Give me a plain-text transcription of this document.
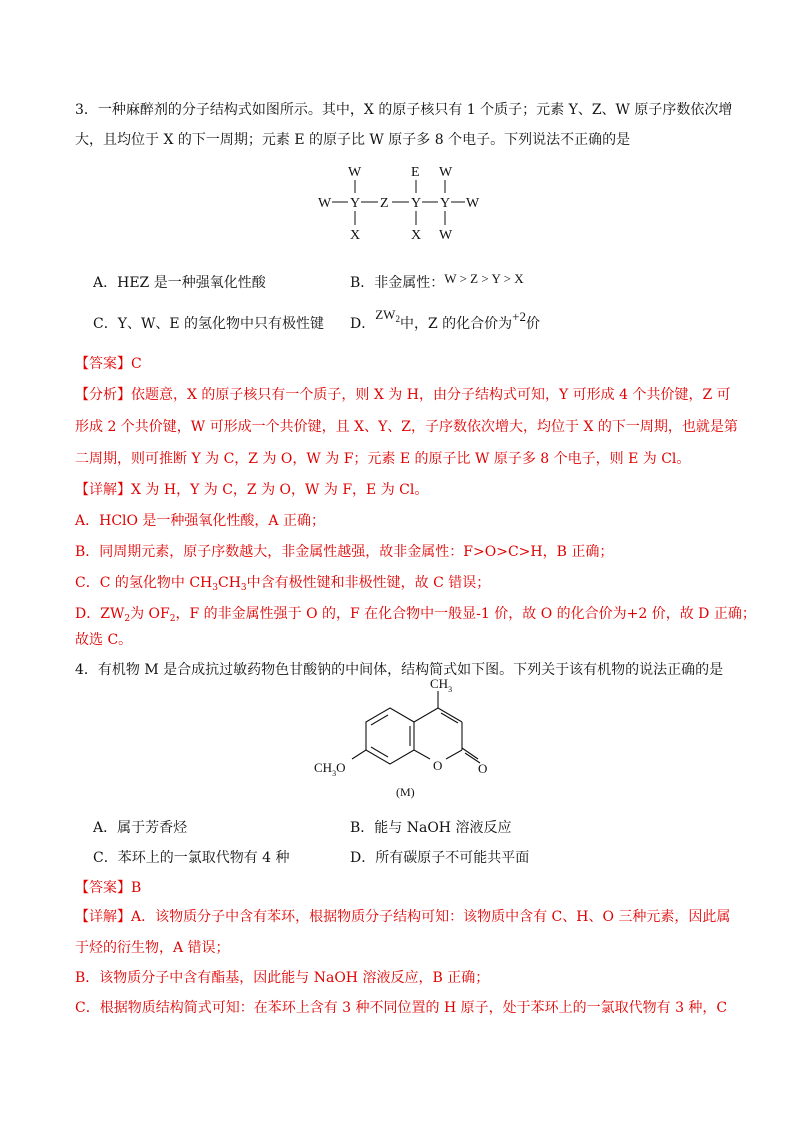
3．一种麻醉剂的分子结构式如图所示。其中，X 的原子核只有 1 个质子；元素 Y、Z、W 原子序数依次增
大，且均位于 X 的下一周期；元素 E 的原子比 W 原子多 8 个电子。下列说法不正确的是
W
W Y Z
X
E
Y
X
W
Y W
W
A．HEZ 是一种强氧化性酸	B．非金属性：W > Z > Y > X
C．Y、W、E 的氢化物中只有极性键 D．$ZW_2$中，Z 的化合价为+2价
【答案】C
【分析】依题意，X 的原子核只有一个质子，则 X 为 H，由分子结构式可知，Y 可形成 4 个共价键，Z 可
形成 2 个共价键，W 可形成一个共价键，且 X、Y、Z，子序数依次增大，均位于 X 的下一周期，也就是第
二周期，则可推断 Y 为 C，Z 为 O，W 为 F；元素 E 的原子比 W 原子多 8 个电子，则 E 为 Cl。
【详解】X 为 H，Y 为 C，Z 为 O，W 为 F，E 为 Cl。
A．HClO 是一种强氧化性酸，A 正确；
B．同周期元素，原子序数越大，非金属性越强，故非金属性：F>O>C>H，B 正确；
C．C 的氢化物中 $CH_3CH_3$中含有极性键和非极性键，故 C 错误；
D．$ZW_2$为 $OF_2$，F 的非金属性强于 O 的，F 在化合物中一般显-1 价，故 O 的化合价为+2 价，故 D 正确；
故选 C。
4．有机物 M 是合成抗过敏药物色甘酸钠的中间体，结构简式如下图。下列关于该有机物的说法正确的是
$CH_3$
O	O
$CH_3O$
(M)
A．属于芳香烃	B．能与 NaOH 溶液反应
C．苯环上的一氯取代物有 4 种	D．所有碳原子不可能共平面
【答案】B
【详解】A．该物质分子中含有苯环，根据物质分子结构可知：该物质中含有 C、H、O 三种元素，因此属
于烃的衍生物，A 错误；
B．该物质分子中含有酯基，因此能与 NaOH 溶液反应，B 正确；
C．根据物质结构简式可知：在苯环上含有 3 种不同位置的 H 原子，处于苯环上的一氯取代物有 3 种，C
